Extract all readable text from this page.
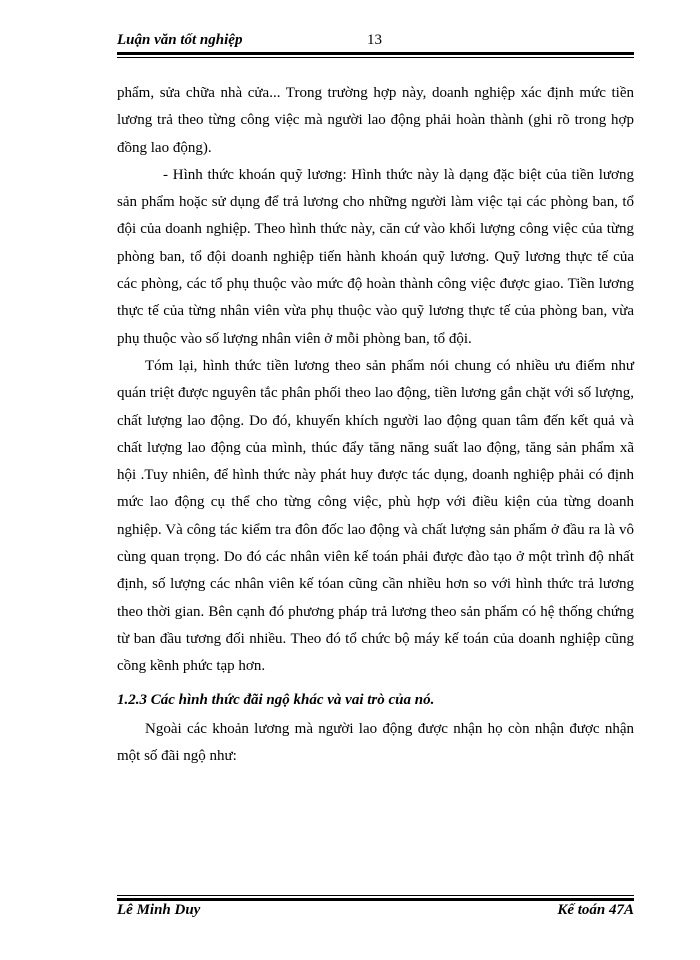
Luận văn tốt nghiệp	13

phẩm, sửa chữa nhà cửa... Trong trường hợp này, doanh nghiệp xác định mức tiền lương trả theo từng công việc mà người lao động phải hoàn thành (ghi rõ trong hợp đồng lao động).

- Hình thức khoán quỹ lương: Hình thức này là dạng đặc biệt của tiền lương sản phẩm hoặc sử dụng để trả lương cho những người làm việc tại các phòng ban, tổ đội của doanh nghiệp. Theo hình thức này, căn cứ vào khối lượng công việc của từng phòng ban, tổ đội doanh nghiệp tiến hành khoán quỹ lương. Quỹ lương thực tế của các phòng, các tổ phụ thuộc vào mức độ hoàn thành công việc được giao. Tiền lương thực tế của từng nhân viên vừa phụ thuộc vào quỹ lương thực tế của phòng ban, vừa phụ thuộc vào số lượng nhân viên ở mỗi phòng ban, tổ đội.

Tóm lại, hình thức tiền lương theo sản phẩm nói chung có nhiều ưu điểm như quán triệt được nguyên tắc phân phối theo lao động, tiền lương gắn chặt với số lượng, chất lượng lao động. Do đó, khuyến khích người lao động quan tâm đến kết quả và chất lượng lao động của mình, thúc đẩy tăng năng suất lao động, tăng sản phẩm xã hội .Tuy nhiên, để hình thức này phát huy được tác dụng, doanh nghiệp phải có định mức lao động cụ thể cho từng công việc, phù hợp với điều kiện của từng doanh nghiệp. Và công tác kiểm tra đôn đốc lao động và chất lượng sản phẩm ở đầu ra là vô cùng quan trọng. Do đó các nhân viên kế toán phải được đào tạo ở một trình độ nhất định, số lượng các nhân viên kế tóan cũng cần nhiều hơn so với hình thức trả lương theo thời gian. Bên cạnh đó phương pháp trả lương theo sản phẩm có hệ thống chứng từ ban đầu tương đối nhiều. Theo đó tổ chức bộ máy kế toán của doanh nghiệp cũng cồng kềnh phức tạp hơn.

1.2.3 Các hình thức đãi ngộ khác và vai trò của nó.

Ngoài các khoản lương mà người lao động được nhận họ còn nhận được nhận một số đãi ngộ như:

Lê Minh Duy	Kế toán 47A
